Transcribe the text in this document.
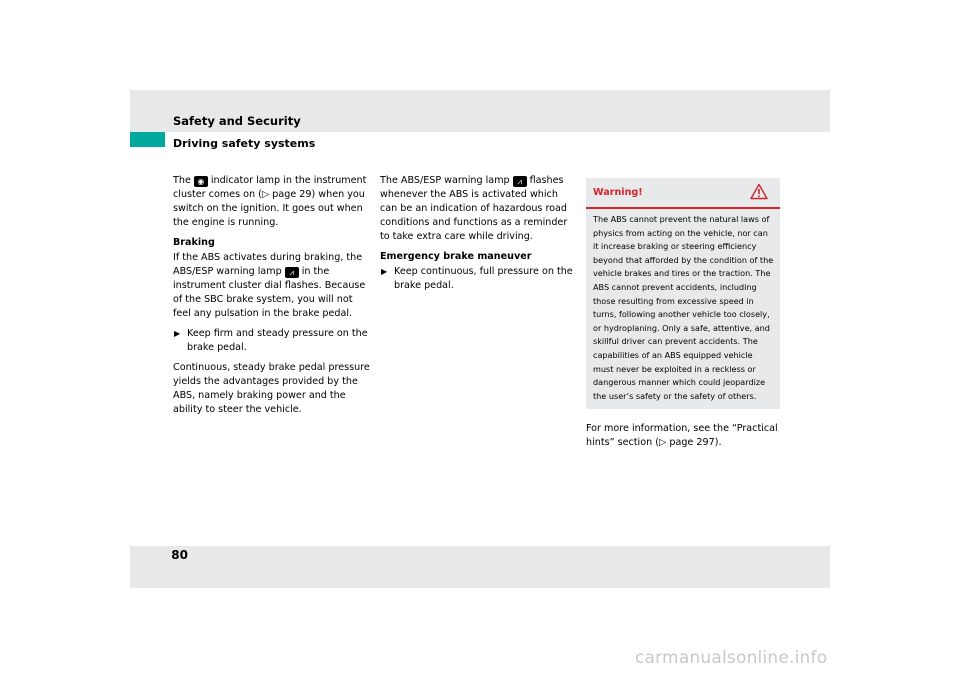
Safety and Security
Driving safety systems

The ◉ indicator lamp in the instrument cluster comes on (▷ page 29) when you switch on the ignition. It goes out when the engine is running.

Braking

If the ABS activates during braking, the ABS/ESP warning lamp ⩘ in the instrument cluster dial flashes. Because of the SBC brake system, you will not feel any pulsation in the brake pedal.

▶ Keep firm and steady pressure on the brake pedal.

Continuous, steady brake pedal pressure yields the advantages provided by the ABS, namely braking power and the ability to steer the vehicle.

The ABS/ESP warning lamp ⩘ flashes whenever the ABS is activated which can be an indication of hazardous road conditions and functions as a reminder to take extra care while driving.

Emergency brake maneuver
▶ Keep continuous, full pressure on the brake pedal.
Warning!
The ABS cannot prevent the natural laws of physics from acting on the vehicle, nor can it increase braking or steering efficiency beyond that afforded by the condition of the vehicle brakes and tires or the traction. The ABS cannot prevent accidents, including those resulting from excessive speed in turns, following another vehicle too closely, or hydroplaning. Only a safe, attentive, and skillful driver can prevent accidents. The capabilities of an ABS equipped vehicle must never be exploited in a reckless or dangerous manner which could jeopardize the user’s safety or the safety of others.
For more information, see the “Practical hints” section (▷ page 297).
80
carmanualsonline.info
